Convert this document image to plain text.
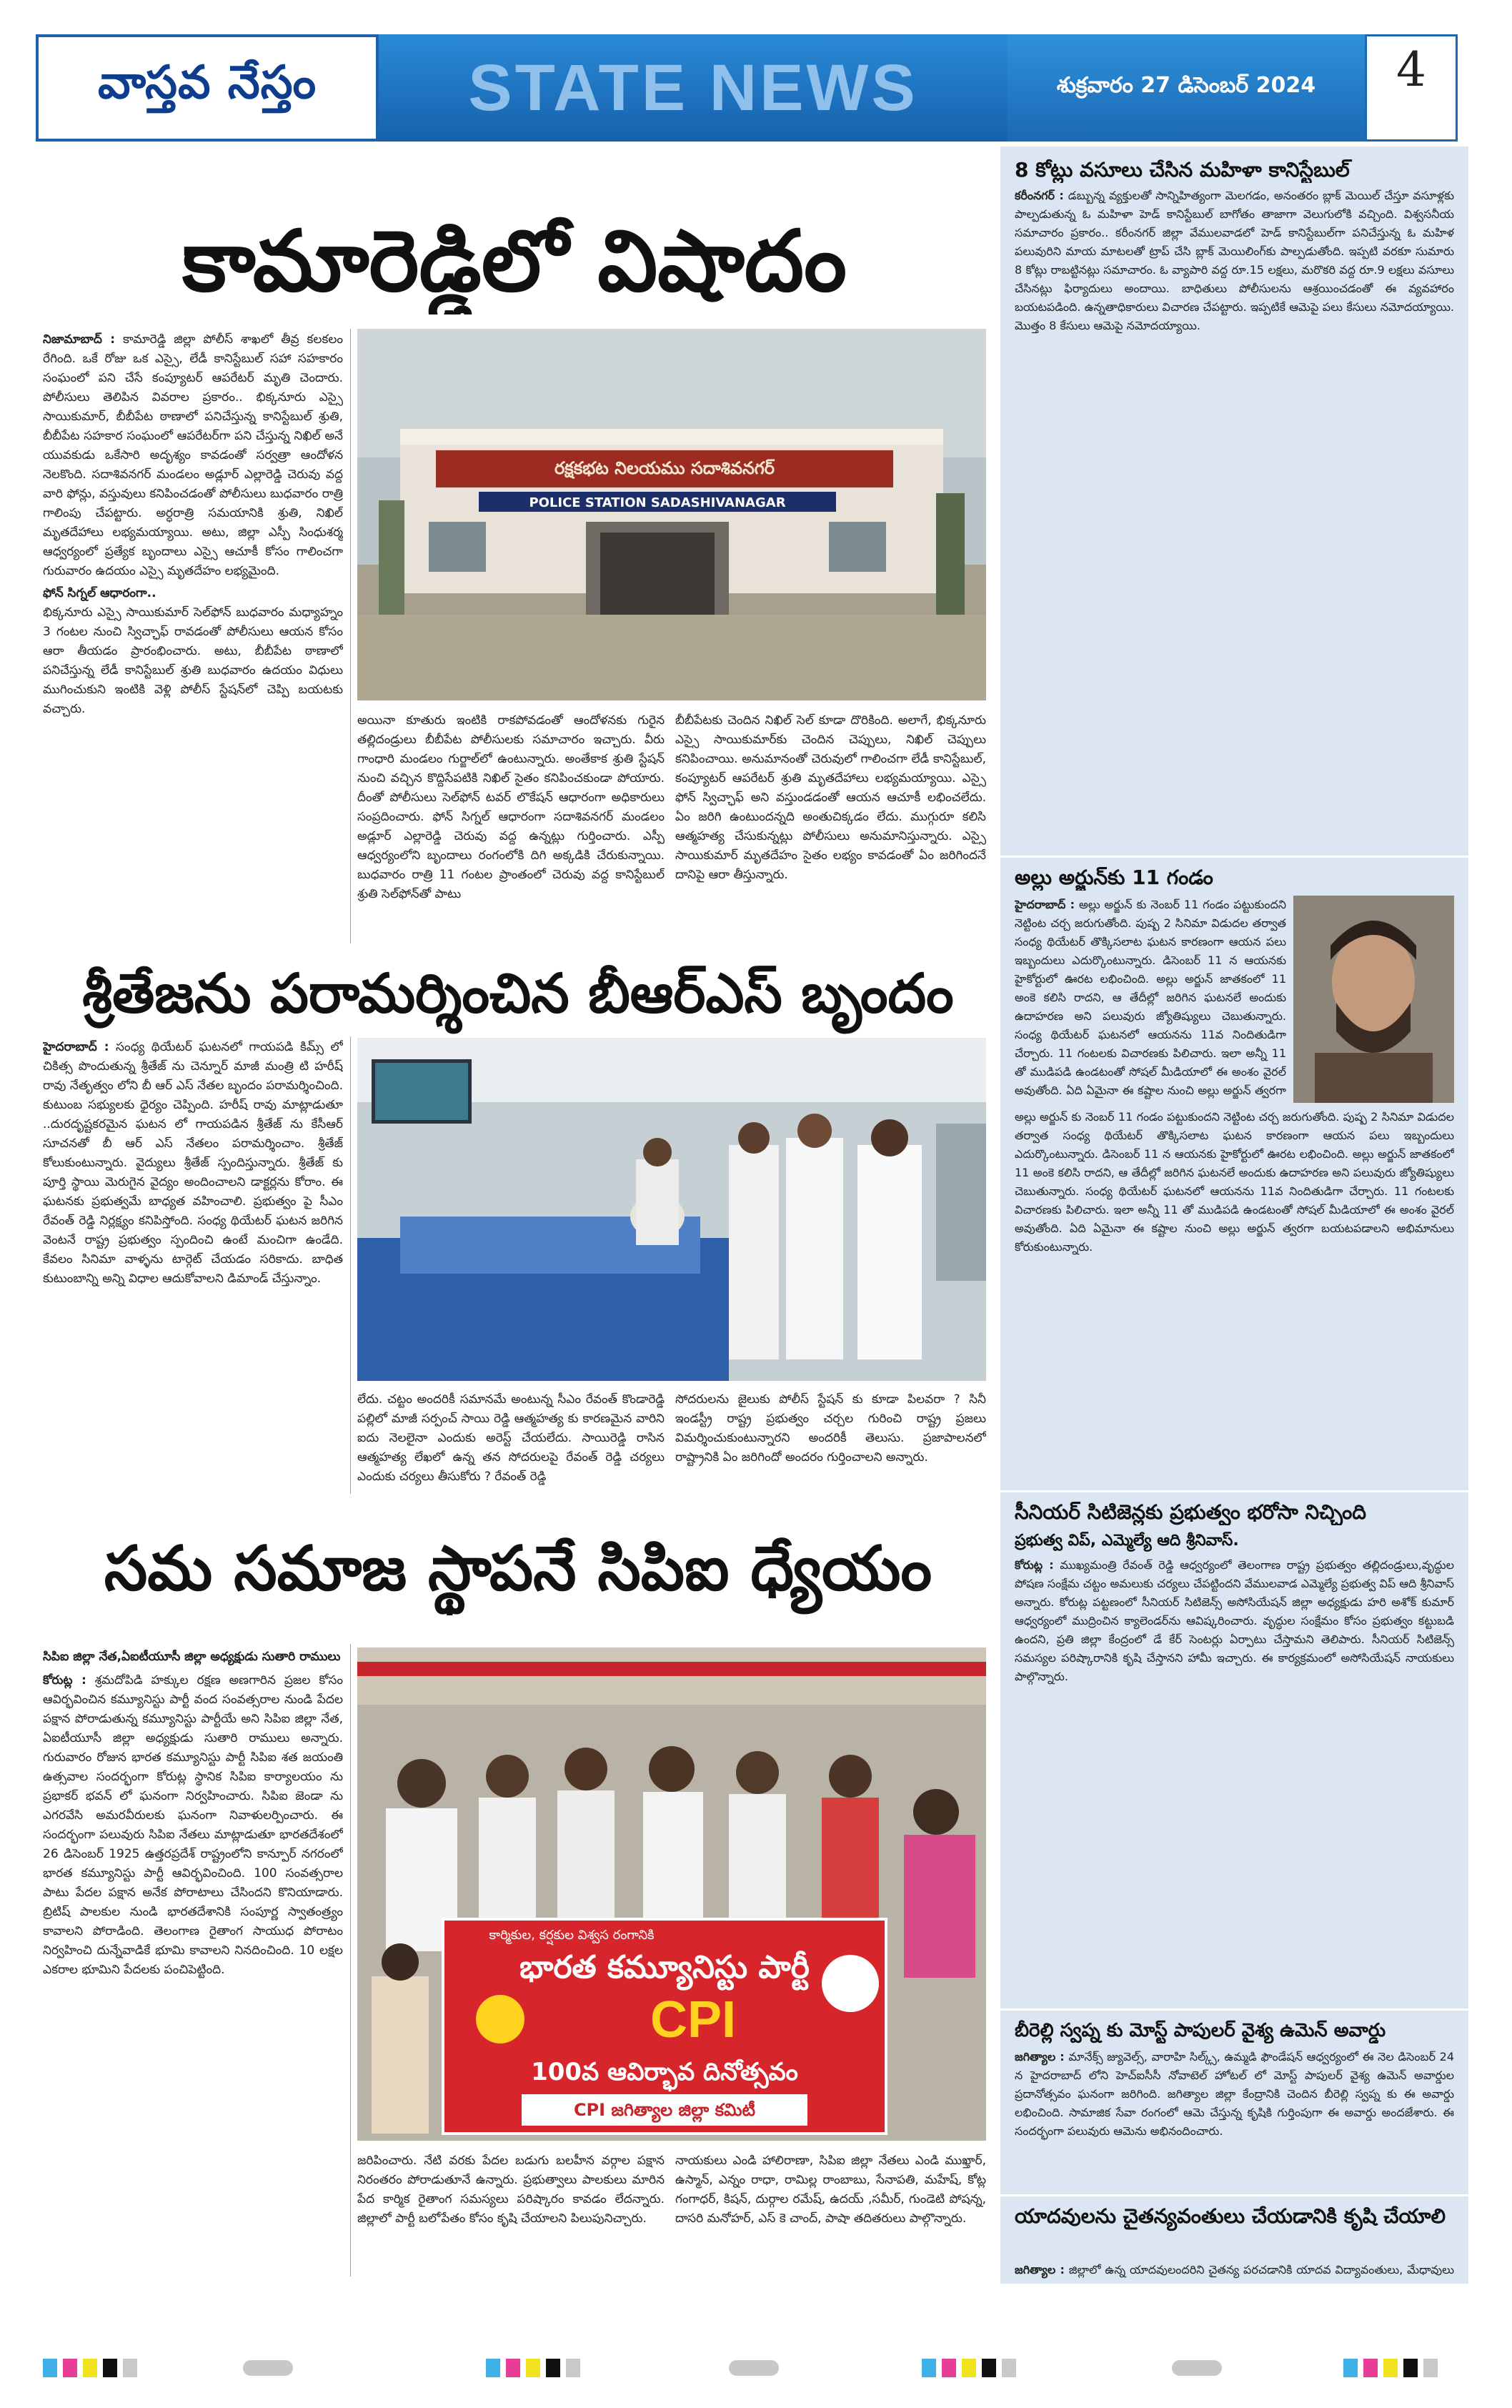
వాస్తవ నేస్తం STATE NEWS	శుక్రవారం 27 డిసెంబర్ 2024 4
కామారెడ్డిలో విషాదం
రక్షకభట నిలయము సదాశివనగర్
POLICE STATION SADASHIVANAGAR
నిజామాబాద్ : కామారెడ్డి జిల్లా పోలీస్ శాఖలో తీవ్ర కలకలం రేగింది. ఒకే రోజు ఒక ఎస్సై, లేడీ కానిస్టేబుల్ సహా సహకారం సంఘంలో పని చేసే కంప్యూటర్ ఆపరేటర్ మృతి చెందారు. పోలీసులు తెలిపిన వివరాల ప్రకారం.. భిక్కనూరు ఎస్సై సాయికుమార్, బీబీపేట ఠాణాలో పనిచేస్తున్న కానిస్టేబుల్ శ్రుతి, బీబీపేట సహకార సంఘంలో ఆపరేటర్‌గా పని చేస్తున్న నిఖిల్ అనే యువకుడు ఒకేసారి అదృశ్యం కావడంతో సర్వత్రా ఆందోళన నెలకొంది. సదాశివనగర్ మండలం అడ్లూర్ ఎల్లారెడ్డి చెరువు వద్ద వారి ఫోన్లు, వస్తువులు కనిపించడంతో పోలీసులు బుధవారం రాత్రి గాలింపు చేపట్టారు. అర్ధరాత్రి సమయానికి శ్రుతి, నిఖిల్ మృతదేహాలు లభ్యమయ్యాయి. అటు, జిల్లా ఎస్పీ సింధుశర్మ ఆధ్వర్యంలో ప్రత్యేక బృందాలు ఎస్సై ఆచూకీ కోసం గాలించగా గురువారం ఉదయం ఎస్సై మృతదేహం లభ్యమైంది.
ఫోన్ సిగ్నల్ ఆధారంగా..
భిక్కనూరు ఎస్సై సాయికుమార్ సెల్‌ఫోన్ బుధవారం మధ్యాహ్నం 3 గంటల నుంచి స్విచ్ఛాఫ్ రావడంతో పోలీసులు ఆయన కోసం ఆరా తీయడం ప్రారంభించారు. అటు, బీబీపేట ఠాణాలో పనిచేస్తున్న లేడీ కానిస్టేబుల్ శ్రుతి బుధవారం ఉదయం విధులు ముగించుకుని ఇంటికి వెళ్లి పోలీస్ స్టేషన్‌లో చెప్పి బయటకు వచ్చారు.
అయినా కూతురు ఇంటికి రాకపోవడంతో ఆందోళనకు గురైన తల్లిదండ్రులు బీబీపేట పోలీసులకు సమాచారం ఇచ్చారు. వీరు గాంధారి మండలం గుర్జాల్‌లో ఉంటున్నారు. అంతేకాక శ్రుతి స్టేషన్ నుంచి వచ్చిన కొద్దిసేపటికి నిఖిల్ సైతం కనిపించకుండా పోయారు. దీంతో పోలీసులు సెల్‌ఫోన్ టవర్ లొకేషన్ ఆధారంగా అధికారులు సంప్రదించారు. ఫోన్ సిగ్నల్ ఆధారంగా సదాశివనగర్ మండలం అడ్లూర్ ఎల్లారెడ్డి చెరువు వద్ద ఉన్నట్లు గుర్తించారు. ఎస్పీ ఆధ్వర్యంలోని బృందాలు రంగంలోకి దిగి అక్కడికి చేరుకున్నాయి. బుధవారం రాత్రి 11 గంటల ప్రాంతంలో చెరువు వద్ద కానిస్టేబుల్ శ్రుతి సెల్‌ఫోన్‌తో పాటు
బీబీపేటకు చెందిన నిఖిల్ సెల్ కూడా దొరికింది. అలాగే, భిక్కనూరు ఎస్సై సాయికుమార్‌కు చెందిన చెప్పులు, నిఖిల్ చెప్పులు కనిపించాయి. అనుమానంతో చెరువులో గాలించగా లేడీ కానిస్టేబుల్, కంప్యూటర్ ఆపరేటర్ శ్రుతి మృతదేహాలు లభ్యమయ్యాయి. ఎస్సై ఫోన్ స్విచ్ఛాఫ్ అని వస్తుండడంతో ఆయన ఆచూకీ లభించలేదు. ఏం జరిగి ఉంటుందన్నది అంతుచిక్కడం లేదు. ముగ్గురూ కలిసి ఆత్మహత్య చేసుకున్నట్లు పోలీసులు అనుమానిస్తున్నారు. ఎస్సై సాయికుమార్ మృతదేహం సైతం లభ్యం కావడంతో ఏం జరిగిందనే దానిపై ఆరా తీస్తున్నారు.
శ్రీతేజను పరామర్శించిన బీఆర్ఎస్ బృందం
హైదరాబాద్ : సంధ్య థియేటర్ ఘటనలో గాయపడి కిమ్స్ లో చికిత్స పొందుతున్న శ్రీతేజ్ ను చెన్నూర్ మాజీ మంత్రి టి హరీష్ రావు నేతృత్వం లోని బీ ఆర్ ఎస్ నేతల బృందం పరామర్శించింది. కుటుంబ సభ్యులకు ధైర్యం చెప్పింది. హరీష్ రావు మాట్లాడుతూ ..దురదృష్టకరమైన ఘటన లో గాయపడిన శ్రీతేజ్ ను కేసీఆర్ సూచనతో బీ ఆర్ ఎస్ నేతలం పరామర్శించాం. శ్రీతేజ్ కోలుకుంటున్నారు. వైద్యులు శ్రీతేజ్ స్పందిస్తున్నారు. శ్రీతేజ్ కు పూర్తి స్థాయి మెరుగైన వైద్యం అందించాలని డాక్టర్లను కోరాం. ఈ ఘటనకు ప్రభుత్వమే బాధ్యత వహించాలి. ప్రభుత్వం పై సీఎం రేవంత్ రెడ్డి నిర్లక్ష్యం కనిపిస్తోంది. సంధ్య థియేటర్ ఘటన జరిగిన వెంటనే రాష్ట్ర ప్రభుత్వం స్పందించి ఉంటే మంచిగా ఉండేది. కేవలం సినిమా వాళ్ళను టార్గెట్ చేయడం సరికాదు. బాధిత కుటుంబాన్ని అన్ని విధాల ఆదుకోవాలని డిమాండ్ చేస్తున్నాం.
లేదు. చట్టం అందరికీ సమానమే అంటున్న సీఎం రేవంత్ కొండారెడ్డి పల్లిలో మాజీ సర్పంచ్ సాయి రెడ్డి ఆత్మహత్య కు కారణమైన వారిని ఐదు నెలలైనా ఎందుకు అరెస్ట్ చేయలేదు. సాయిరెడ్డి రాసిన ఆత్మహత్య లేఖలో ఉన్న తన సోదరులపై రేవంత్ రెడ్డి చర్యలు ఎందుకు చర్యలు తీసుకోరు ? రేవంత్ రెడ్డి
సోదరులను జైలుకు పోలీస్ స్టేషన్ కు కూడా పిలవరా ? సినీ ఇండస్ట్రీ రాష్ట్ర ప్రభుత్వం చర్చల గురించి రాష్ట్ర ప్రజలు విమర్శించుకుంటున్నారని అందరికీ తెలుసు. ప్రజాపాలనలో రాష్ట్రానికి ఏం జరిగిందో అందరం గుర్తించాలని అన్నారు.
సమ సమాజ స్థాపనే సిపిఐ ధ్యేయం
కార్మికుల, కర్షకుల విశ్వస రంగానికి
భారత కమ్యూనిస్టు పార్టీ
CPI
100వ ఆవిర్భావ దినోత్సవం
CPI జగిత్యాల జిల్లా కమిటీ
సిపిఐ జిల్లా నేత,ఏఐటీయూసీ జిల్లా అధ్యక్షుడు సుతారి రాములు
కోరుట్ల : శ్రమదోపిడి హక్కుల రక్షణ అణగారిన ప్రజల కోసం ఆవిర్భవించిన కమ్యూనిస్టు పార్టీ వంద సంవత్సరాల నుండి పేదల పక్షాన పోరాడుతున్న కమ్యూనిస్టు పార్టీయే అని సిపిఐ జిల్లా నేత, ఏఐటీయూసీ జిల్లా అధ్యక్షుడు సుతారి రాములు అన్నారు. గురువారం రోజున భారత కమ్యూనిస్టు పార్టీ సిపిఐ శత జయంతి ఉత్సవాల సందర్భంగా కోరుట్ల స్థానిక సిపిఐ కార్యాలయం ను ప్రభాకర్ భవన్ లో ఘనంగా నిర్వహించారు. సిపిఐ జెండా ను ఎగరవేసి అమరవీరులకు ఘనంగా నివాళులర్పించారు. ఈ సందర్భంగా పలువురు సిపిఐ నేతలు మాట్లాడుతూ భారతదేశంలో 26 డిసెంబర్ 1925 ఉత్తరప్రదేశ్ రాష్ట్రంలోని కాన్పూర్ నగరంలో భారత కమ్యూనిస్టు పార్టీ ఆవిర్భవించింది. 100 సంవత్సరాల పాటు పేదల పక్షాన అనేక పోరాటాలు చేసిందని కొనియాడారు. బ్రిటిష్ పాలకుల నుండి భారతదేశానికి సంపూర్ణ స్వాతంత్ర్యం కావాలని పోరాడింది. తెలంగాణ రైతాంగ సాయుధ పోరాటం నిర్వహించి దున్నేవాడికే భూమి కావాలని నినదించింది. 10 లక్షల ఎకరాల భూమిని పేదలకు పంచిపెట్టింది.
జరిపించారు. నేటి వరకు పేదల బడుగు బలహీన వర్గాల పక్షాన నిరంతరం పోరాడుతూనే ఉన్నారు. ప్రభుత్వాలు పాలకులు మారిన పేద కార్మిక రైతాంగ సమస్యలు పరిష్కారం కావడం లేదన్నారు. జిల్లాలో పార్టీ బలోపేతం కోసం కృషి చేయాలని పిలుపునిచ్చారు.
నాయకులు ఎండి హాలిరాణా, సిపిఐ జిల్లా నేతలు ఎండి ముఖ్తార్, ఉస్మాన్, ఎన్నం రాధా, రామిల్ల రాంబాబు, సేనాపతి, మహేష్, కోట్ల గంగాధర్, కిషన్, దుర్గాల రమేష్, ఉదయ్ ,సమీర్, గుండెటి పోషన్న, దాసరి మనోహర్, ఎస్ కె చాంద్, పాషా తదితరులు పాల్గొన్నారు.
8 కోట్లు వసూలు చేసిన మహిళా కానిస్టేబుల్
కరీంనగర్ : డబ్బున్న వ్యక్తులతో సాన్నిహిత్యంగా మెలగడం, అనంతరం బ్లాక్ మెయిల్ చేస్తూ వసూళ్లకు పాల్పడుతున్న ఓ మహిళా హెడ్ కానిస్టేబుల్ బాగోతం తాజాగా వెలుగులోకి వచ్చింది. విశ్వసనీయ సమాచారం ప్రకారం.. కరీంనగర్ జిల్లా వేములవాడలో హెడ్ కానిస్టేబుల్‌గా పనిచేస్తున్న ఓ మహిళ పలువురిని మాయ మాటలతో ట్రాప్ చేసి బ్లాక్ మెయిలింగ్‌కు పాల్పడుతోంది. ఇప్పటి వరకూ సుమారు 8 కోట్లు రాబట్టినట్లు సమాచారం. ఓ వ్యాపారి వద్ద రూ.15 లక్షలు, మరొకరి వద్ద రూ.9 లక్షలు వసూలు చేసినట్లు ఫిర్యాదులు అందాయి. బాధితులు పోలీసులను ఆశ్రయించడంతో ఈ వ్యవహారం బయటపడింది. ఉన్నతాధికారులు విచారణ చేపట్టారు. ఇప్పటికే ఆమెపై పలు కేసులు నమోదయ్యాయి. మొత్తం 8 కేసులు ఆమెపై నమోదయ్యాయి.
అల్లు అర్జున్‌కు 11 గండం
హైదరాబాద్ : అల్లు అర్జున్ కు నెంబర్ 11 గండం పట్టుకుందని నెట్టింట చర్చ జరుగుతోంది. పుష్ప 2 సినిమా విడుదల తర్వాత సంధ్య థియేటర్ తొక్కిసలాట ఘటన కారణంగా ఆయన పలు ఇబ్బందులు ఎదుర్కొంటున్నారు. డిసెంబర్ 11 న ఆయనకు హైకోర్టులో ఊరట లభించింది. అల్లు అర్జున్ జాతకంలో 11 అంకె కలిసి రాదని, ఆ తేదీల్లో జరిగిన ఘటనలే అందుకు ఉదాహరణ అని పలువురు జ్యోతిష్యులు చెబుతున్నారు. సంధ్య థియేటర్ ఘటనలో ఆయనను 11వ నిందితుడిగా చేర్చారు. 11 గంటలకు విచారణకు పిలిచారు. ఇలా అన్నీ 11 తో ముడిపడి ఉండటంతో సోషల్ మీడియాలో ఈ అంశం వైరల్ అవుతోంది. ఏది ఏమైనా ఈ కష్టాల నుంచి అల్లు అర్జున్ త్వరగా
అల్లు అర్జున్ కు నెంబర్ 11 గండం పట్టుకుందని నెట్టింట చర్చ జరుగుతోంది. పుష్ప 2 సినిమా విడుదల తర్వాత సంధ్య థియేటర్ తొక్కిసలాట ఘటన కారణంగా ఆయన పలు ఇబ్బందులు ఎదుర్కొంటున్నారు. డిసెంబర్ 11 న ఆయనకు హైకోర్టులో ఊరట లభించింది. అల్లు అర్జున్ జాతకంలో 11 అంకె కలిసి రాదని, ఆ తేదీల్లో జరిగిన ఘటనలే అందుకు ఉదాహరణ అని పలువురు జ్యోతిష్యులు చెబుతున్నారు. సంధ్య థియేటర్ ఘటనలో ఆయనను 11వ నిందితుడిగా చేర్చారు. 11 గంటలకు విచారణకు పిలిచారు. ఇలా అన్నీ 11 తో ముడిపడి ఉండటంతో సోషల్ మీడియాలో ఈ అంశం వైరల్ అవుతోంది. ఏది ఏమైనా ఈ కష్టాల నుంచి అల్లు అర్జున్ త్వరగా బయటపడాలని అభిమానులు కోరుకుంటున్నారు.
సీనియర్ సిటిజెన్లకు ప్రభుత్వం భరోసా నిచ్చింది
ప్రభుత్వ విప్, ఎమ్మెల్యే ఆది శ్రీనివాస్.
కోరుట్ల : ముఖ్యమంత్రి రేవంత్ రెడ్డి ఆధ్వర్యంలో తెలంగాణ రాష్ట్ర ప్రభుత్వం తల్లిదండ్రులు,వృద్ధుల పోషణ సంక్షేమ చట్టం అమలుకు చర్యలు చేపట్టిందని వేములవాడ ఎమ్మెల్యే ప్రభుత్వ విప్ ఆది శ్రీనివాస్ అన్నారు. కోరుట్ల పట్టణంలో సీనియర్ సిటిజెన్స్ అసోసియేషన్ జిల్లా అధ్యక్షుడు హరి అశోక్ కుమార్ ఆధ్వర్యంలో ముద్రించిన క్యాలెండర్‌ను ఆవిష్కరించారు. వృద్ధుల సంక్షేమం కోసం ప్రభుత్వం కట్టుబడి ఉందని, ప్రతి జిల్లా కేంద్రంలో డే కేర్ సెంటర్లు ఏర్పాటు చేస్తామని తెలిపారు. సీనియర్ సిటిజెన్స్ సమస్యల పరిష్కారానికి కృషి చేస్తానని హామీ ఇచ్చారు. ఈ కార్యక్రమంలో అసోసియేషన్ నాయకులు పాల్గొన్నారు.
బీరెల్లి స్వప్న కు మోస్ట్ పాపులర్ వైశ్య ఉమెన్ అవార్డు
జగిత్యాల : మానేక్స్ జ్యువెల్స్, వారాహి సిల్క్స్, ఉమ్మడి ఫౌండేషన్ ఆధ్వర్యంలో ఈ నెల డిసెంబర్ 24 న హైదరాబాద్ లోని హెచ్ఐసీసీ నోవాటెల్ హోటల్ లో మోస్ట్ పాపులర్ వైశ్య ఉమెన్ అవార్డుల ప్రదానోత్సవం ఘనంగా జరిగింది. జగిత్యాల జిల్లా కేంద్రానికి చెందిన బీరెల్లి స్వప్న కు ఈ అవార్డు లభించింది. సామాజిక సేవా రంగంలో ఆమె చేస్తున్న కృషికి గుర్తింపుగా ఈ అవార్డు అందజేశారు. ఈ సందర్భంగా పలువురు ఆమెను అభినందించారు.
యాదవులను చైతన్యవంతులు చేయడానికి కృషి చేయాలి
జగిత్యాల : జిల్లాలో ఉన్న యాదవులందరిని చైతన్య పరచడానికి యాదవ విద్యావంతులు, మేధావులు
